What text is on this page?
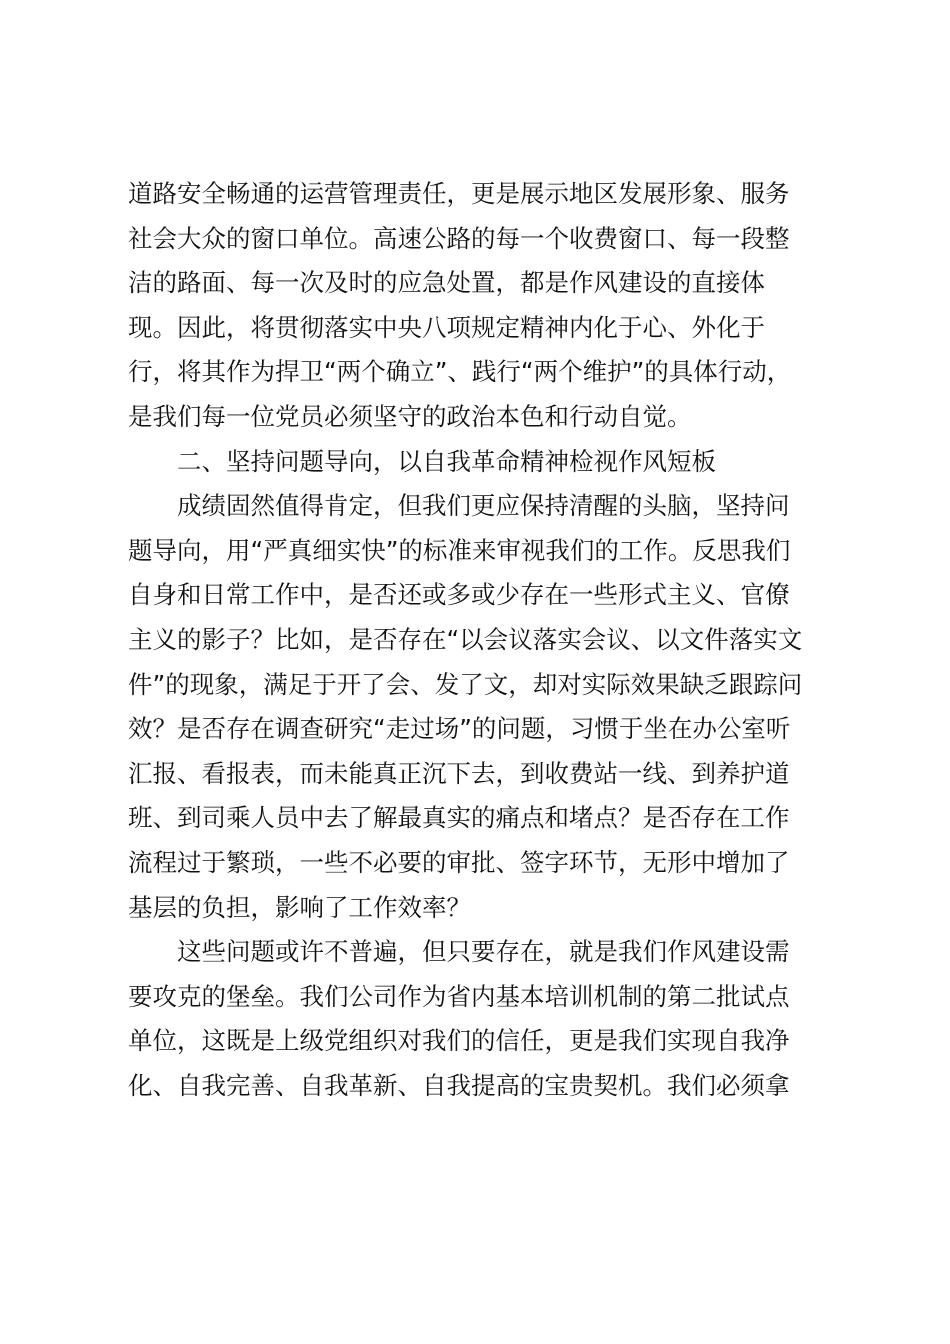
道路安全畅通的运营管理责任，更是展示地区发展形象、服务
社会大众的窗口单位。高速公路的每一个收费窗口、每一段整
洁的路面、每一次及时的应急处置，都是作风建设的直接体
现。因此，将贯彻落实中央八项规定精神内化于心、外化于
行，将其作为捍卫“两个确立”、践行“两个维护”的具体行动，
是我们每一位党员必须坚守的政治本色和行动自觉。
二、坚持问题导向，以自我革命精神检视作风短板
成绩固然值得肯定，但我们更应保持清醒的头脑，坚持问
题导向，用“严真细实快”的标准来审视我们的工作。反思我们
自身和日常工作中，是否还或多或少存在一些形式主义、官僚
主义的影子？比如，是否存在“以会议落实会议、以文件落实文
件”的现象，满足于开了会、发了文，却对实际效果缺乏跟踪问
效？是否存在调查研究“走过场”的问题，习惯于坐在办公室听
汇报、看报表，而未能真正沉下去，到收费站一线、到养护道
班、到司乘人员中去了解最真实的痛点和堵点？是否存在工作
流程过于繁琐，一些不必要的审批、签字环节，无形中增加了
基层的负担，影响了工作效率？
这些问题或许不普遍，但只要存在，就是我们作风建设需
要攻克的堡垒。我们公司作为省内基本培训机制的第二批试点
单位，这既是上级党组织对我们的信任，更是我们实现自我净
化、自我完善、自我革新、自我提高的宝贵契机。我们必须拿
